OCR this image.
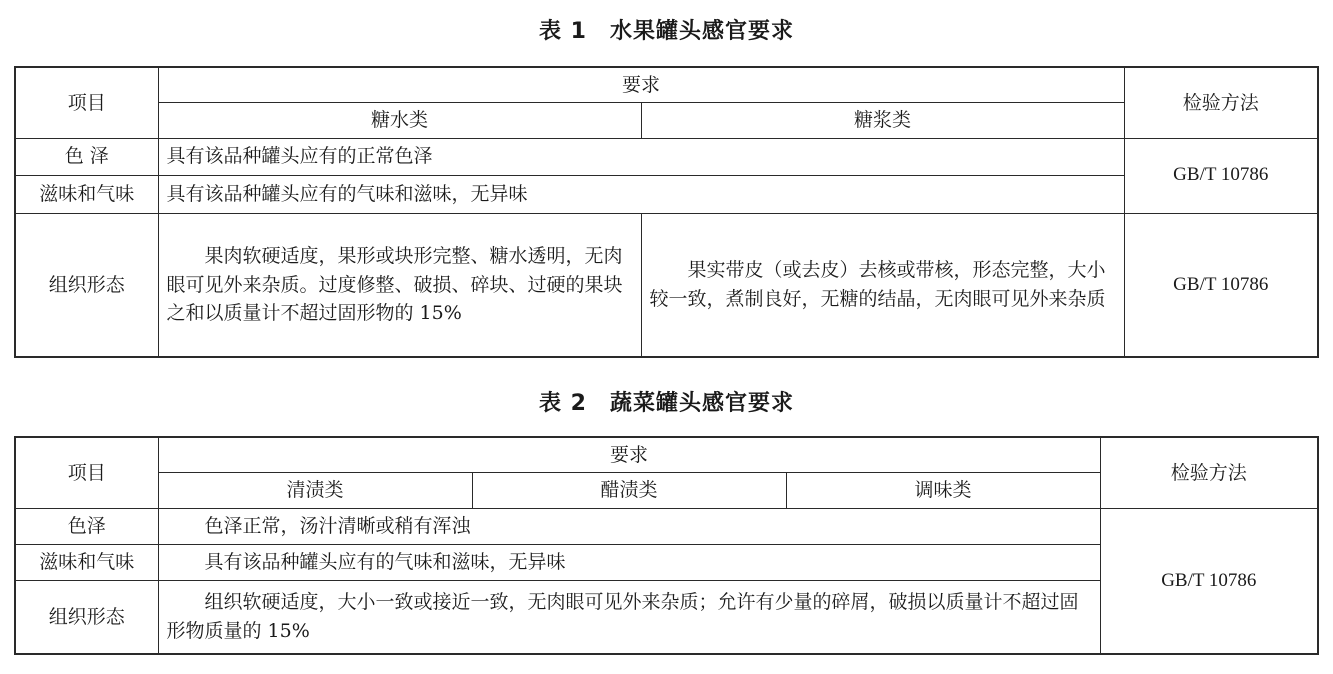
表 1　水果罐头感官要求
项目	要求		检验方法
	糖水类	糖浆类	
色 泽	具有该品种罐头应有的正常色泽		GB/T 10786
滋味和气味	具有该品种罐头应有的气味和滋味，无异味		
组织形态	果肉软硬适度，果形或块形完整、糖水透明，无肉眼可见外来杂质。过度修整、破损、碎块、过硬的果块之和以质量计不超过固形物的 15%	果实带皮（或去皮）去核或带核，形态完整，大小较一致，煮制良好，无糖的结晶，无肉眼可见外来杂质	GB/T 10786
表 2　蔬菜罐头感官要求
项目	要求			检验方法
	清渍类	醋渍类	调味类	
色泽	色泽正常，汤汁清晰或稍有浑浊			GB/T 10786
滋味和气味	具有该品种罐头应有的气味和滋味，无异味			
组织形态	组织软硬适度，大小一致或接近一致，无肉眼可见外来杂质；允许有少量的碎屑，破损以质量计不超过固形物质量的 15%			
